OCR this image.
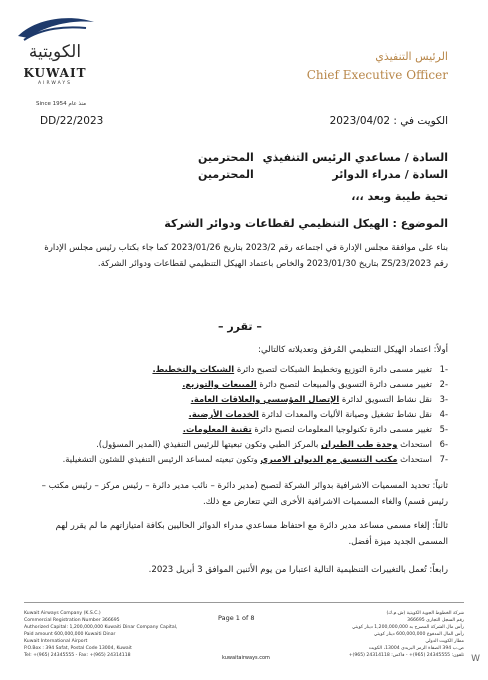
الكويتية
KUWAIT
AIRWAYS
Since 1954 منذ عام
الرئيس التنفيذي
Chief Executive Officer
DD/22/2023	الكويت في : 2023/04/02
السادة / مساعدي الرئيس التنفيذي
المحترمين
السادة / مدراء الدوائر
المحترمين
تحية طيبة وبعد ،،،
الموضوع : الهيكل التنظيمي لقطاعات ودوائر الشركة
بناء على موافقة مجلس الإدارة في اجتماعه رقم 2023/2 بتاريخ 2023/01/26 كما جاء بكتاب رئيس مجلس الإدارة رقم ZS/23/2023 بتاريخ 2023/01/30 والخاص باعتماد الهيكل التنظيمي لقطاعات ودوائر الشركة.
– تقرر –
أولاً: اعتماد الهيكل التنظيمي المُرفق وتعديلاته كالتالي:
-1تغيير مسمى دائرة التوزيع وتخطيط الشبكات لتصبح دائرة الشبكات والتخطيط.
-2تغيير مسمى دائرة التسويق والمبيعات لتصبح دائرة المبيعات والتوزيع.
-3نقل نشاط التسويق لدائرة الإتصال المؤسسي والعلاقات العامة.
-4نقل نشاط تشغيل وصيانة الأليات والمعدات لدائرة الخدمات الأرضية.
-5تغيير مسمى دائرة تكنولوجيا المعلومات لتصبح دائرة تقنية المعلومات.
-6استحداث وحدة طب الطيران بالمركز الطبي وتكون تبعيتها للرئيس التنفيذي (المدير المسؤول).
-7استحداث مكتب التنسيق مع الديوان الاميري وتكون تبعيته لمساعد الرئيس التنفيذي للشئون التشغيلية.
ثانياً: تحديد المسميات الاشرافية بدوائر الشركة لتصبح (مدير دائرة – نائب مدير دائرة – رئيس مركز – رئيس مكتب – رئيس قسم) والغاء المسميات الاشرافية الأخرى التي تتعارض مع ذلك.
ثالثاً: إلغاء مسمى مساعد مدير دائرة مع احتفاظ مساعدي مدراء الدوائر الحاليين بكافة امتيازاتهم ما لم يقرر لهم المسمى الجديد ميزة أفضل.
رابعاً: تُعمل بالتغييرات التنظيمية التالية اعتبارا من يوم الأثنين الموافق 3 أبريل 2023.
Kuwait Airways Company (K.S.C.)
Commercial Registration Number 366695
Authorized Capital: 1,200,000,000 Kuwaiti Dinar Company Capital,
Paid amount 600,000,000 Kuwaiti Dinar
Kuwait International Airport
P.O.Box : 394 Safat, Postal Code 13004, Kuwait
Tel: +(965) 24345555 - Fax: +(965) 24314118
Page 1 of 8
kuwaitairways.com
شركة الخطوط الجوية الكويتية (ش.م.ك)
رقم السجل التجاري 366695
رأس مال الشركة المصرح به 1,200,000,000 دينار كويتي
رأس المال المدفوع 600,000,000 دينار كويتي
مطار الكويت الدولي
ص.ب 394 الصفاة الرمز البريدي 13004، الكويت
تلفون: 24345555 (965)+ - فاكس: 24314118 (965)+ W
